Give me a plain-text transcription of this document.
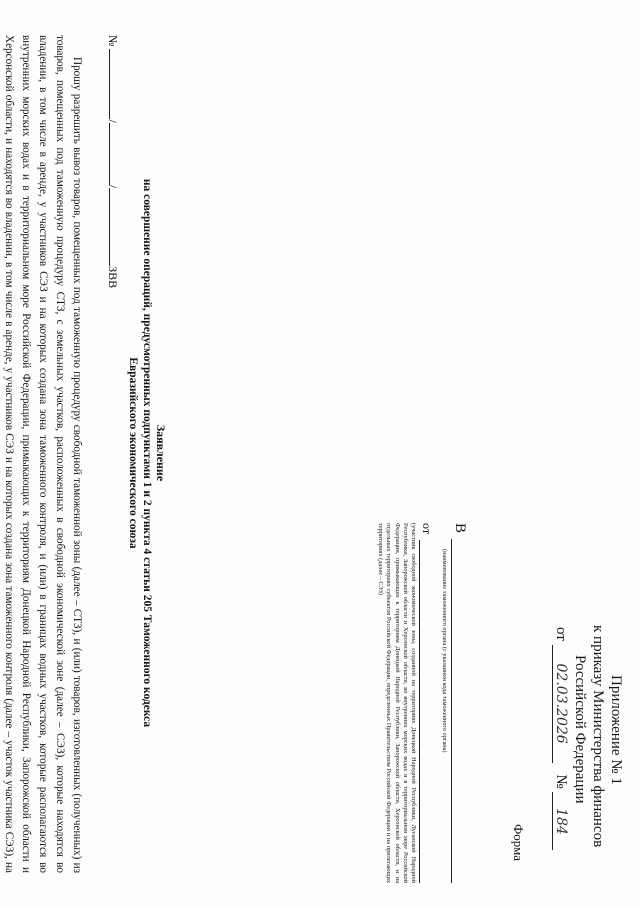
Приложение № 1
к приказу Министерства финансов
Российской Федерации
от 02.03.2026 № 184
Форма
В
(наименование таможенного органа (с указанием кода таможенного органа)
от
(участник свободной экономической зоны, созданной на территориях Донецкой Народной Республики, Луганской Народной Республики, Запорожской области и Херсонской области, во внутренних морских водах и в территориальном море Российской Федерации, примыкающих к территориям Донецкой Народной Республики, Запорожской области, Херсонской области, и на отдельных территориях субъектов Российской Федерации, определенных Правительством Российской Федерации и на прилегающих территориях (далее – СЭЗ)
№ //ЗВВ
Заявление
на совершение операций, предусмотренных подпунктами 1 и 2 пункта 4 статьи 205 Таможенного кодекса
Евразийского экономического союза
Прошу разрешить вывоз товаров, помещенных под таможенную процедуру свободной таможенной зоны (далее – СТЗ), и (или) товаров, изготовленных (полученных) из товаров, помещенных под таможенную процедуру СТЗ, с земельных участков, расположенных в свободной экономической зоне (далее – СЭЗ), которые находятся во владении, в том числе в аренде, у участников СЭЗ и на которых создана зона таможенного контроля, и (или) в границах водных участков, которые располагаются во внутренних морских водах и в территориальном море Российской Федерации, примыкающих к территориям Донецкой Народной Республики, Запорожской области и Херсонской области, и находятся во владении, в том числе в аренде, у участников СЭЗ и на которых создана зона таможенного контроля (далее – участок участника СЭЗ), на
